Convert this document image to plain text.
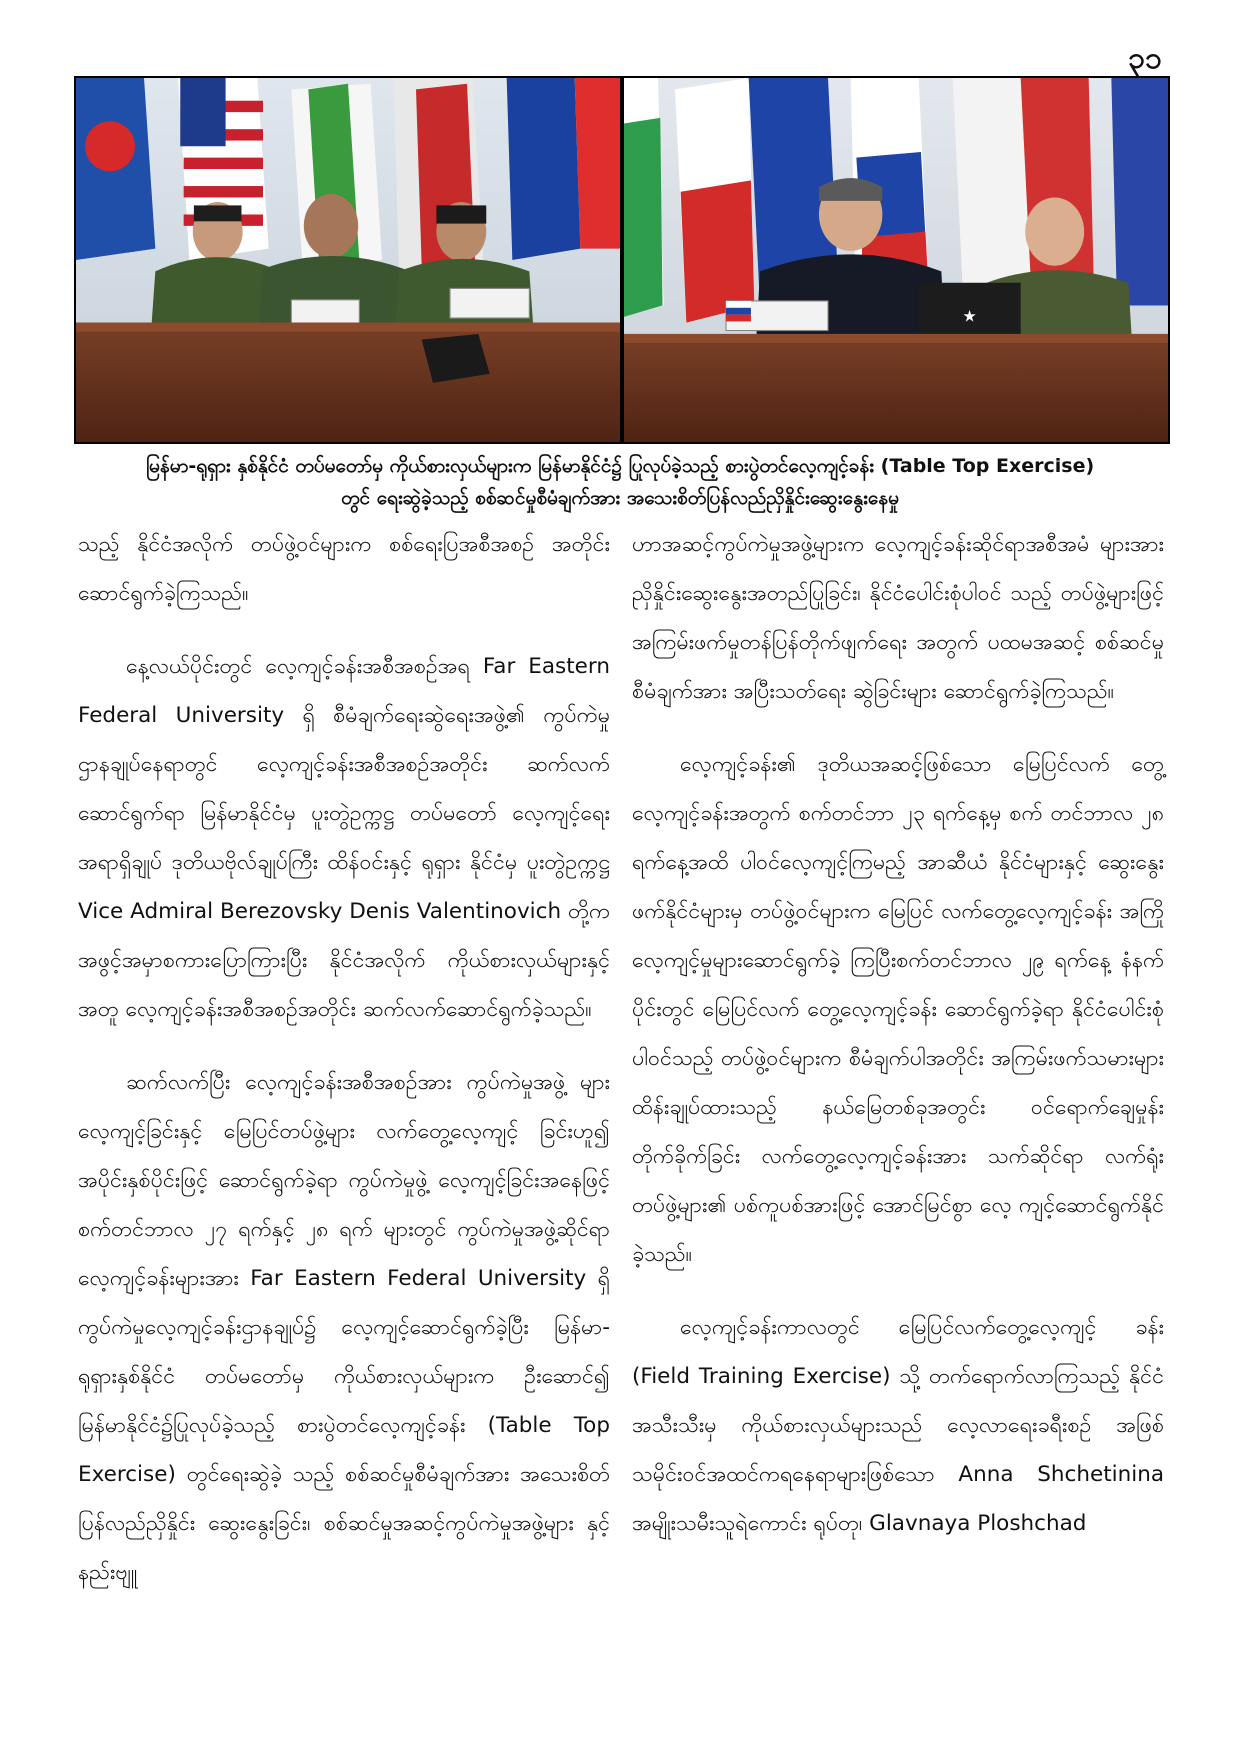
၃၁
★
မြန်မာ-ရုရှား နှစ်နိုင်ငံ တပ်မတော်မှ ကိုယ်စားလှယ်များက မြန်မာနိုင်ငံ၌ ပြုလုပ်ခဲ့သည့် စားပွဲတင်လေ့ကျင့်ခန်း (Table Top Exercise)
တွင် ရေးဆွဲခဲ့သည့် စစ်ဆင်မှုစီမံချက်အား အသေးစိတ်ပြန်လည်ညှိနှိုင်းဆွေးနွေးနေမှု

သည့် နိုင်ငံအလိုက် တပ်ဖွဲ့ဝင်များက စစ်ရေးပြအစီအစဉ် အတိုင်း ဆောင်ရွက်ခဲ့ကြသည်။

နေ့လယ်ပိုင်းတွင် လေ့ကျင့်ခန်းအစီအစဉ်အရ Far Eastern Federal University ရှိ စီမံချက်ရေးဆွဲရေးအဖွဲ့၏ ကွပ်ကဲမှုဌာနချုပ်နေရာတွင် လေ့ကျင့်ခန်းအစီအစဉ်အတိုင်း ဆက်လက်ဆောင်ရွက်ရာ မြန်မာနိုင်ငံမှ ပူးတွဲဥက္ကဋ္ဌ တပ်မတော် လေ့ကျင့်ရေးအရာရှိချုပ် ဒုတိယဗိုလ်ချုပ်ကြီး ထိန်ဝင်းနှင့် ရုရှား နိုင်ငံမှ ပူးတွဲဥက္ကဋ္ဌ Vice Admiral Berezovsky Denis Valentinovich တို့က အဖွင့်အမှာစကားပြောကြားပြီး နိုင်ငံအလိုက် ကိုယ်စားလှယ်များနှင့်အတူ လေ့ကျင့်ခန်းအစီအစဉ်အတိုင်း ဆက်လက်ဆောင်ရွက်ခဲ့သည်။

ဆက်လက်ပြီး လေ့ကျင့်ခန်းအစီအစဉ်အား ကွပ်ကဲမှုအဖွဲ့ များလေ့ကျင့်ခြင်းနှင့် မြေပြင်တပ်ဖွဲ့များ လက်တွေ့လေ့ကျင့် ခြင်းဟူ၍ အပိုင်းနှစ်ပိုင်းဖြင့် ဆောင်ရွက်ခဲ့ရာ ကွပ်ကဲမှုဖွဲ့ လေ့ကျင့်ခြင်းအနေဖြင့် စက်တင်ဘာလ ၂၇ ရက်နှင့် ၂၈ ရက် များတွင် ကွပ်ကဲမှုအဖွဲ့ဆိုင်ရာလေ့ကျင့်ခန်းများအား Far Eastern Federal University ရှိ ကွပ်ကဲမှုလေ့ကျင့်ခန်းဌာနချုပ်၌ လေ့ကျင့်ဆောင်ရွက်ခဲ့ပြီး မြန်မာ-ရုရှားနှစ်နိုင်ငံ တပ်မတော်မှ ကိုယ်စားလှယ်များက ဦးဆောင်၍ မြန်မာနိုင်ငံ၌ပြုလုပ်ခဲ့သည့် စားပွဲတင်လေ့ကျင့်ခန်း (Table Top Exercise) တွင်ရေးဆွဲခဲ့ သည့် စစ်ဆင်မှုစီမံချက်အား အသေးစိတ် ပြန်လည်ညှိနှိုင်း ဆွေးနွေးခြင်း၊ စစ်ဆင်မှုအဆင့်ကွပ်ကဲမှုအဖွဲ့များ နှင့် နည်းဗျူ

ဟာအဆင့်ကွပ်ကဲမှုအဖွဲ့များက လေ့ကျင့်ခန်းဆိုင်ရာအစီအမံ များအား ညှိနှိုင်းဆွေးနွေးအတည်ပြုခြင်း၊ နိုင်ငံပေါင်းစုံပါဝင် သည့် တပ်ဖွဲ့များဖြင့် အကြမ်းဖက်မှုတန်ပြန်တိုက်ဖျက်ရေး အတွက် ပထမအဆင့် စစ်ဆင်မှုစီမံချက်အား အပြီးသတ်ရေး ဆွဲခြင်းများ ဆောင်ရွက်ခဲ့ကြသည်။

လေ့ကျင့်ခန်း၏ ဒုတိယအဆင့်ဖြစ်သော မြေပြင်လက် တွေ့လေ့ကျင့်ခန်းအတွက် စက်တင်ဘာ ၂၃ ရက်နေ့မှ စက် တင်ဘာလ ၂၈ ရက်နေ့အထိ ပါဝင်လေ့ကျင့်ကြမည့် အာဆီယံ နိုင်ငံများနှင့် ဆွေးနွေးဖက်နိုင်ငံများမှ တပ်ဖွဲ့ဝင်များက မြေပြင် လက်တွေ့လေ့ကျင့်ခန်း အကြိုလေ့ကျင့်မှုများဆောင်ရွက်ခဲ့ ကြပြီးစက်တင်ဘာလ ၂၉ ရက်နေ့ နံနက်ပိုင်းတွင် မြေပြင်လက် တွေ့လေ့ကျင့်ခန်း ဆောင်ရွက်ခဲ့ရာ နိုင်ငံပေါင်းစုံ ပါဝင်သည့် တပ်ဖွဲ့ဝင်များက စီမံချက်ပါအတိုင်း အကြမ်းဖက်သမားများ ထိန်းချုပ်ထားသည့် နယ်မြေတစ်ခုအတွင်း ဝင်ရောက်ချေမှုန်း တိုက်ခိုက်ခြင်း လက်တွေ့လေ့ကျင့်ခန်းအား သက်ဆိုင်ရာ လက်ရုံးတပ်ဖွဲ့များ၏ ပစ်ကူပစ်အားဖြင့် အောင်မြင်စွာ လေ့ ကျင့်ဆောင်ရွက်နိုင်ခဲ့သည်။

လေ့ကျင့်ခန်းကာလတွင် မြေပြင်လက်တွေ့လေ့ကျင့် ခန်း (Field Training Exercise) သို့ တက်ရောက်လာကြသည့် နိုင်ငံအသီးသီးမှ ကိုယ်စားလှယ်များသည် လေ့လာရေးခရီးစဉ် အဖြစ် သမိုင်းဝင်အထင်ကရနေရာများဖြစ်သော Anna Shchetinina အမျိုးသမီးသူရဲကောင်း ရုပ်တု၊ Glavnaya Ploshchad
